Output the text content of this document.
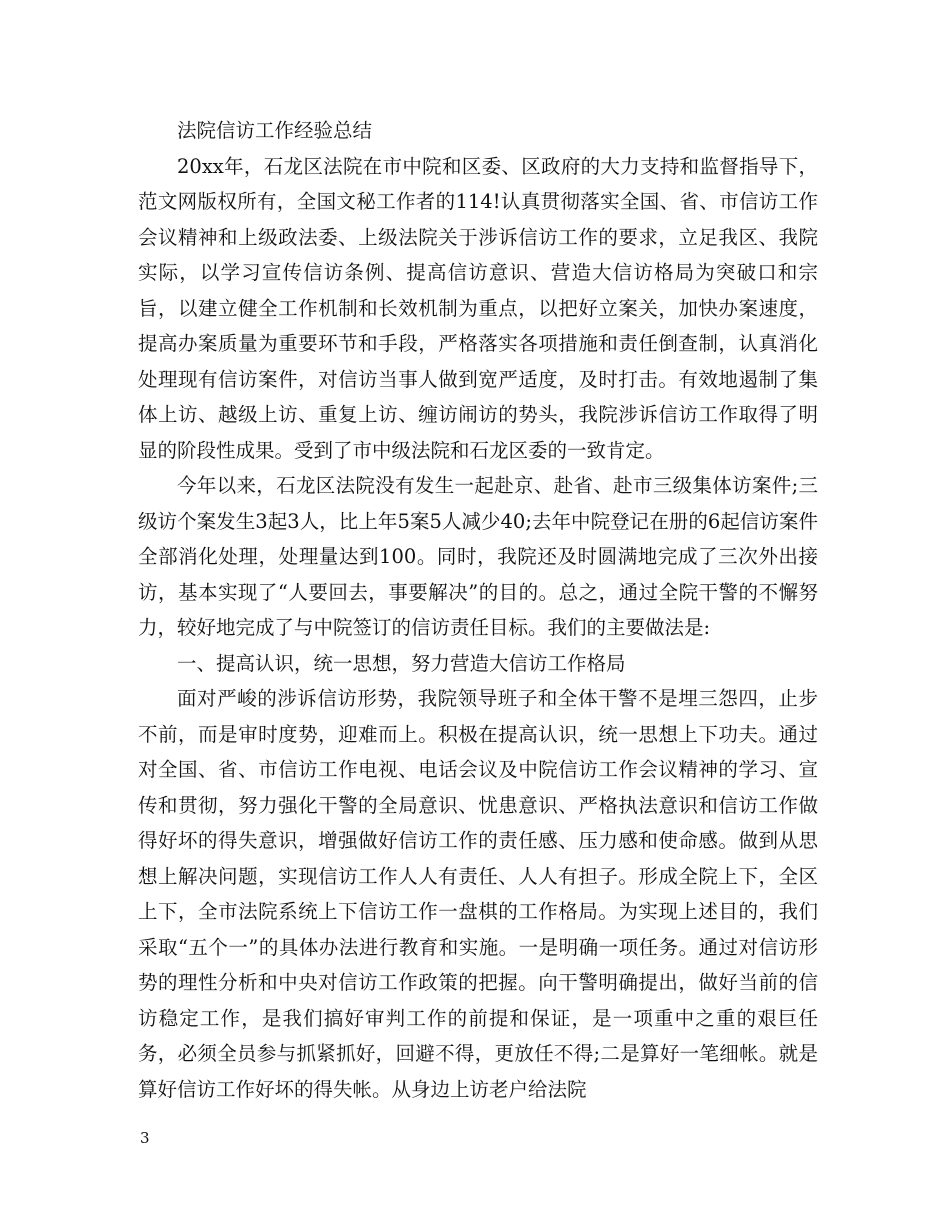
法院信访工作经验总结

20xx年，石龙区法院在市中院和区委、区政府的大力支持和监督指导下，范文网版权所有，全国文秘工作者的114!认真贯彻落实全国、省、市信访工作会议精神和上级政法委、上级法院关于涉诉信访工作的要求，立足我区、我院实际，以学习宣传信访条例、提高信访意识、营造大信访格局为突破口和宗旨，以建立健全工作机制和长效机制为重点，以把好立案关，加快办案速度，提高办案质量为重要环节和手段，严格落实各项措施和责任倒查制，认真消化处理现有信访案件，对信访当事人做到宽严适度，及时打击。有效地遏制了集体上访、越级上访、重复上访、缠访闹访的势头，我院涉诉信访工作取得了明显的阶段性成果。受到了市中级法院和石龙区委的一致肯定。

今年以来，石龙区法院没有发生一起赴京、赴省、赴市三级集体访案件;三级访个案发生3起3人，比上年5案5人减少40;去年中院登记在册的6起信访案件全部消化处理，处理量达到100。同时，我院还及时圆满地完成了三次外出接访，基本实现了“人要回去，事要解决”的目的。总之，通过全院干警的不懈努力，较好地完成了与中院签订的信访责任目标。我们的主要做法是:

一、提高认识，统一思想，努力营造大信访工作格局

面对严峻的涉诉信访形势，我院领导班子和全体干警不是埋三怨四，止步不前，而是审时度势，迎难而上。积极在提高认识，统一思想上下功夫。通过对全国、省、市信访工作电视、电话会议及中院信访工作会议精神的学习、宣传和贯彻，努力强化干警的全局意识、忧患意识、严格执法意识和信访工作做得好坏的得失意识，增强做好信访工作的责任感、压力感和使命感。做到从思想上解决问题，实现信访工作人人有责任、人人有担子。形成全院上下，全区上下，全市法院系统上下信访工作一盘棋的工作格局。为实现上述目的，我们采取“五个一”的具体办法进行教育和实施。一是明确一项任务。通过对信访形势的理性分析和中央对信访工作政策的把握。向干警明确提出，做好当前的信访稳定工作，是我们搞好审判工作的前提和保证，是一项重中之重的艰巨任务，必须全员参与抓紧抓好，回避不得，更放任不得;二是算好一笔细帐。就是算好信访工作好坏的得失帐。从身边上访老户给法院

3
